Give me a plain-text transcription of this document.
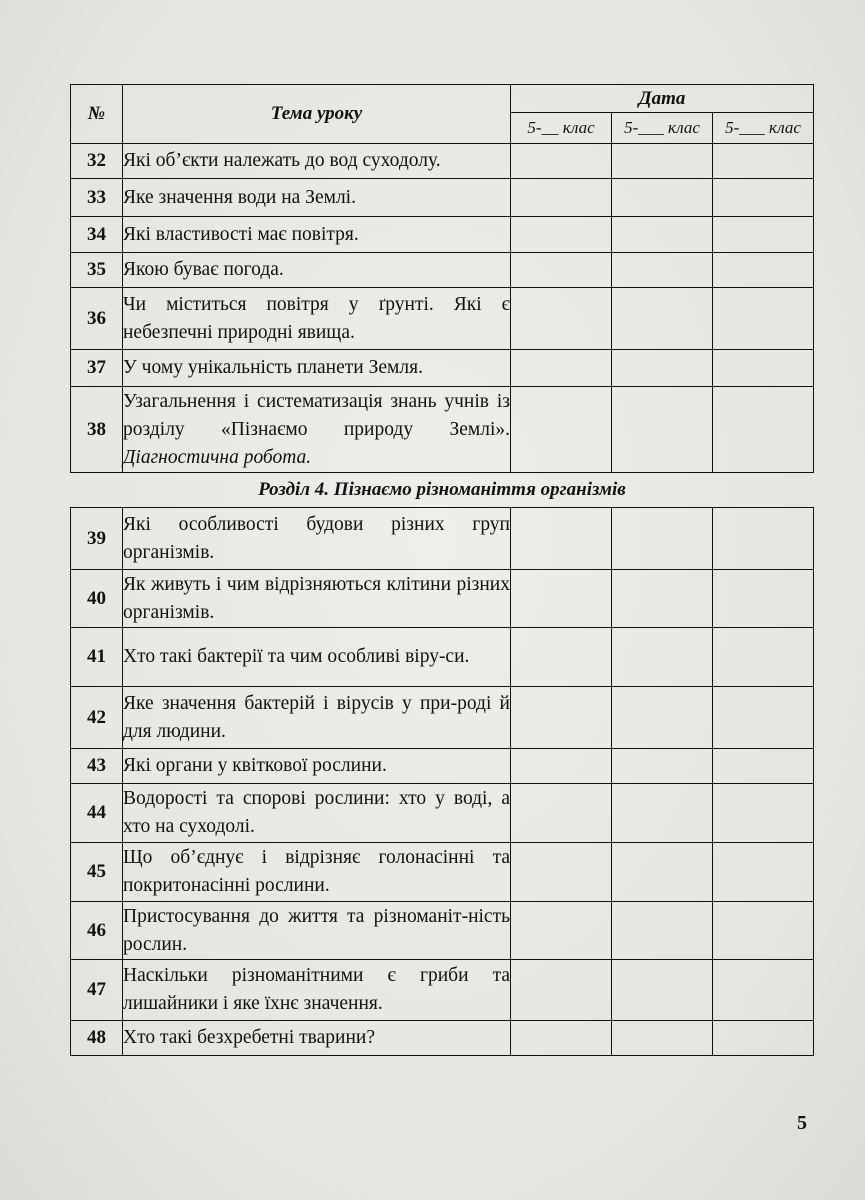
№	Тема уроку	Дата		
		5-__ клас	5-___ клас	5-___ клас
32	Які об’єкти належать до вод суходолу.			
33	Яке значення води на Землі.			
34	Які властивості має повітря.			
35	Якою буває погода.			
36	Чи міститься повітря у ґрунті. Які є небезпечні природні явища.			
37	У чому унікальність планети Земля.			
38	Узагальнення і систематизація знань учнів із розділу «Пізнаємо природу Землі». Діагностична робота.			
Розділ 4. Пізнаємо різноманіття організмів				
39	Які особливості будови різних груп організмів.			
40	Як живуть і чим відрізняються клітини різних організмів.			
41	Хто такі бактерії та чим особливі віру-си.			
42	Яке значення бактерій і вірусів у при-роді й для людини.			
43	Які органи у квіткової рослини.			
44	Водорості та спорові рослини: хто у воді, а хто на суходолі.			
45	Що об’єднує і відрізняє голонасінні та покритонасінні рослини.			
46	Пристосування до життя та різноманіт-ність рослин.			
47	Наскільки різноманітними є гриби та лишайники і яке їхнє значення.			
48	Хто такі безхребетні тварини?			
5
